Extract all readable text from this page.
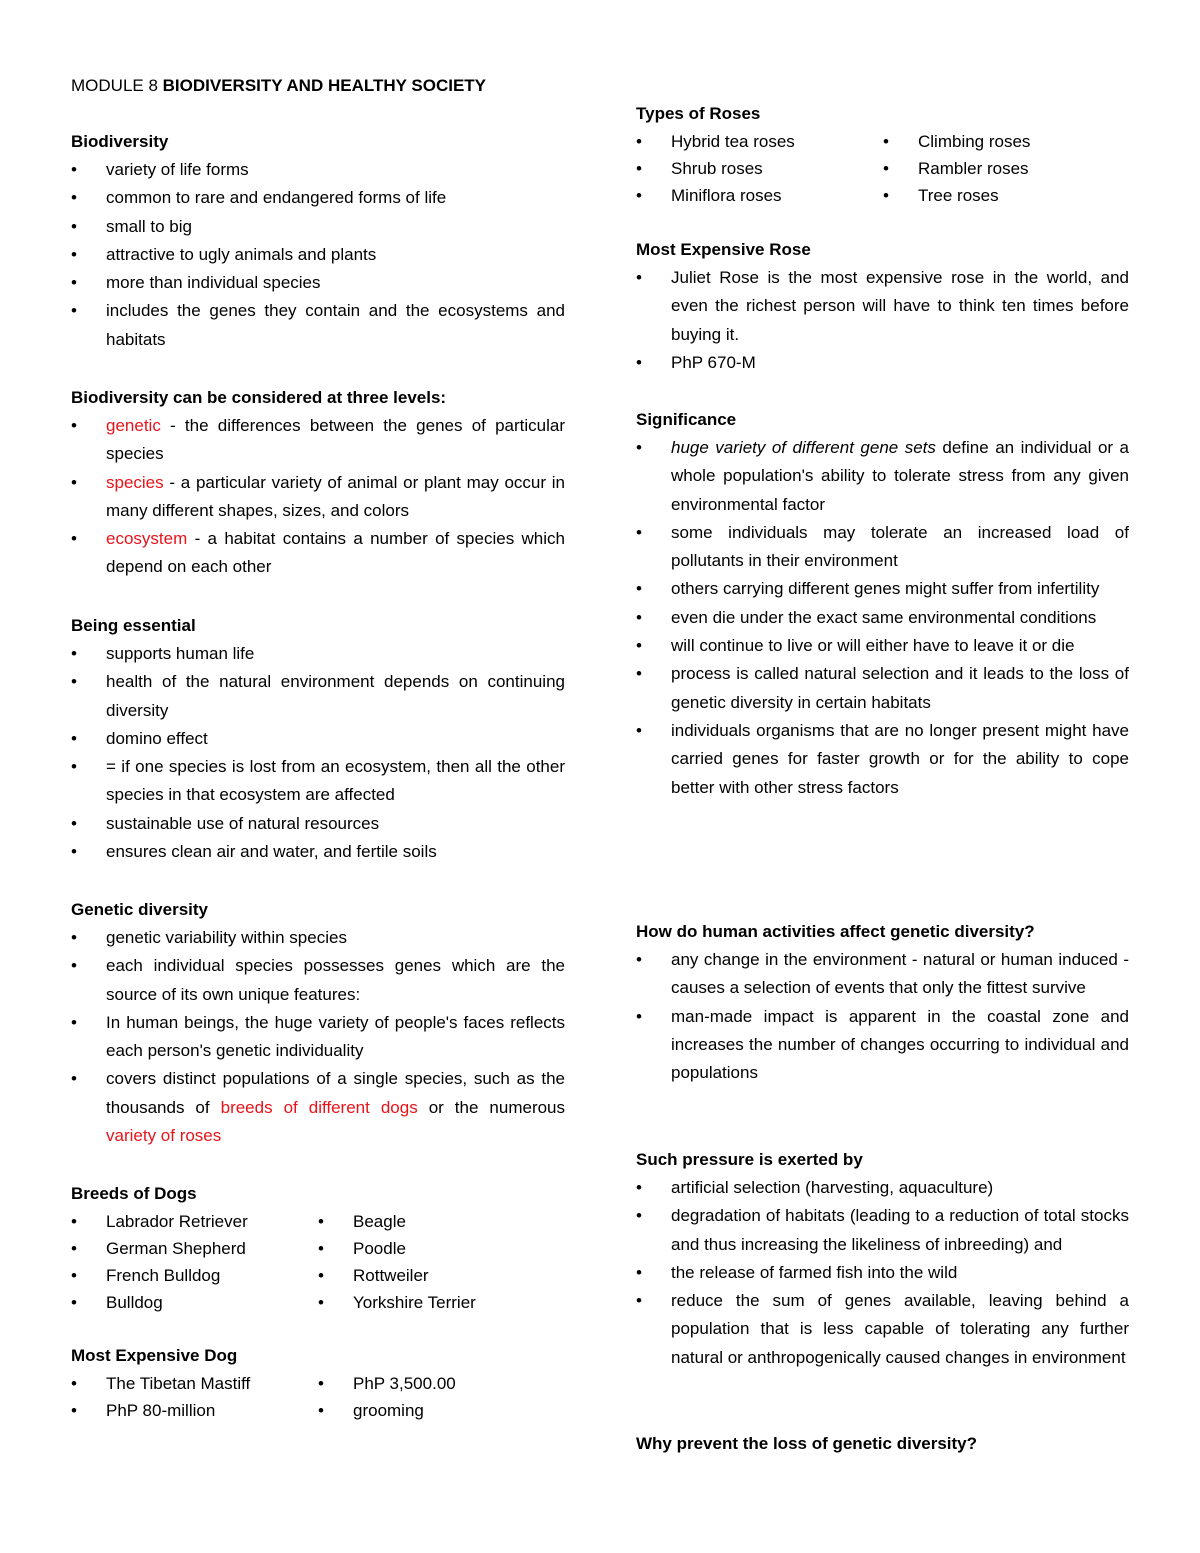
MODULE 8 BIODIVERSITY AND HEALTHY SOCIETY
Biodiversity
• variety of life forms
• common to rare and endangered forms of life
• small to big
• attractive to ugly animals and plants
• more than individual species
• includes the genes they contain and the ecosystems and habitats
Biodiversity can be considered at three levels:
• genetic - the differences between the genes of particular species
• species - a particular variety of animal or plant may occur in many different shapes, sizes, and colors
• ecosystem - a habitat contains a number of species which depend on each other
Being essential
• supports human life
• health of the natural environment depends on continuing diversity
• domino effect
• = if one species is lost from an ecosystem, then all the other species in that ecosystem are affected
• sustainable use of natural resources
• ensures clean air and water, and fertile soils
Genetic diversity
• genetic variability within species
• each individual species possesses genes which are the source of its own unique features:
• In human beings, the huge variety of people's faces reflects each person's genetic individuality
• covers distinct populations of a single species, such as the thousands of breeds of different dogs or the numerous variety of roses
Breeds of Dogs
• Labrador Retriever	• Beagle
• German Shepherd	• Poodle
• French Bulldog	• Rottweiler
• Bulldog	• Yorkshire Terrier
Most Expensive Dog
• The Tibetan Mastiff	• PhP 3,500.00
• PhP 80-million	• grooming
Types of Roses
• Hybrid tea roses	• Climbing roses
• Shrub roses	• Rambler roses
• Miniflora roses	• Tree roses
Most Expensive Rose
• Juliet Rose is the most expensive rose in the world, and even the richest person will have to think ten times before buying it.
• PhP 670-M
Significance
• huge variety of different gene sets define an individual or a whole population's ability to tolerate stress from any given environmental factor
• some individuals may tolerate an increased load of pollutants in their environment
• others carrying different genes might suffer from infertility
• even die under the exact same environmental conditions
• will continue to live or will either have to leave it or die
• process is called natural selection and it leads to the loss of genetic diversity in certain habitats
• individuals organisms that are no longer present might have carried genes for faster growth or for the ability to cope better with other stress factors
How do human activities affect genetic diversity?
• any change in the environment - natural or human induced - causes a selection of events that only the fittest survive
• man-made impact is apparent in the coastal zone and increases the number of changes occurring to individual and populations
Such pressure is exerted by
• artificial selection (harvesting, aquaculture)
• degradation of habitats (leading to a reduction of total stocks and thus increasing the likeliness of inbreeding) and
• the release of farmed fish into the wild
• reduce the sum of genes available, leaving behind a population that is less capable of tolerating any further natural or anthropogenically caused changes in environment
Why prevent the loss of genetic diversity?
